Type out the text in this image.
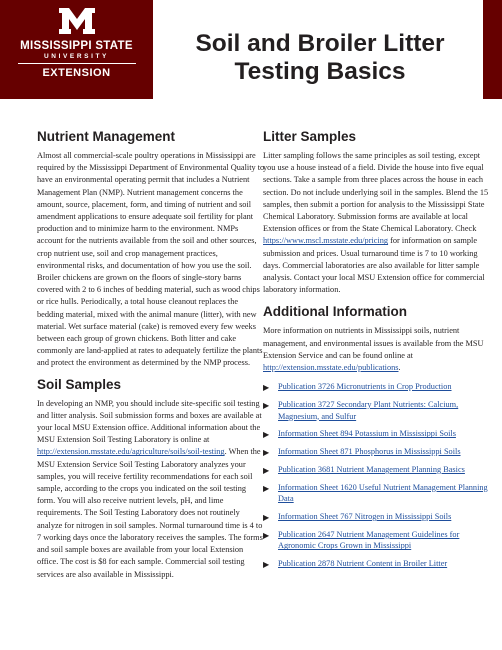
S
MISSISSIPPI STATE
UNIVERSITY
EXTENSION
Soil and Broiler Litter
Testing Basics
Nutrient Management

Almost all commercial-scale poultry operations in Mississippi are required by the Mississippi Department of Environmental Quality to have an environmental operating permit that includes a Nutrient Management Plan (NMP). Nutrient management concerns the amount, source, placement, form, and timing of nutrient and soil amendment applications to ensure adequate soil fertility for plant production and to minimize harm to the environment. NMPs account for the nutrients available from the soil and other sources, crop nutrient use, soil and crop management practices, environmental risks, and documentation of how you use the soil. Broiler chickens are grown on the floors of single-story barns covered with 2 to 6 inches of bedding material, such as wood chips or rice hulls. Periodically, a total house cleanout replaces the bedding material, mixed with the animal manure (litter), with new material. Wet surface material (cake) is removed every few weeks between each group of grown chickens. Both litter and cake commonly are land-applied at rates to adequately fertilize the plants and protect the environment as determined by the NMP process.

Soil Samples

In developing an NMP, you should include site-specific soil testing and litter analysis. Soil submission forms and boxes are available at your local MSU Extension office. Additional information about the MSU Extension Soil Testing Laboratory is online at http://extension.msstate.edu/agriculture/soils/soil-testing. When the MSU Extension Service Soil Testing Laboratory analyzes your samples, you will receive fertility recommendations for each soil sample, according to the crops you indicated on the soil testing form. You will also receive nutrient levels, pH, and lime requirements. The Soil Testing Laboratory does not routinely analyze for nitrogen in soil samples. Normal turnaround time is 4 to 7 working days once the laboratory receives the samples. The forms and soil sample boxes are available from your local Extension office. The cost is $8 for each sample. Commercial soil testing services are also available in Mississippi.

Litter Samples

Litter sampling follows the same principles as soil testing, except you use a house instead of a field. Divide the house into five equal sections. Take a sample from three places across the house in each section. Do not include underlying soil in the samples. Blend the 15 samples, then submit a portion for analysis to the Mississippi State Chemical Laboratory. Submission forms are available at local Extension offices or from the State Chemical Laboratory. Check https://www.mscl.msstate.edu/pricing for information on sample submission and prices. Usual turnaround time is 7 to 10 working days. Commercial laboratories are also available for litter sample analysis. Contact your local MSU Extension office for commercial laboratory information.

Additional Information

More information on nutrients in Mississippi soils, nutrient management, and environmental issues is available from the MSU Extension Service and can be found online at http://extension.msstate.edu/publications.

▶ Publication 3726 Micronutrients in Crop Production
▶ Publication 3727 Secondary Plant Nutrients: Calcium, Magnesium, and Sulfur
▶ Information Sheet 894 Potassium in Mississippi Soils
▶ Information Sheet 871 Phosphorus in Mississippi Soils
▶ Publication 3681 Nutrient Management Planning Basics
▶ Information Sheet 1620 Useful Nutrient Management Planning Data
▶ Information Sheet 767 Nitrogen in Mississippi Soils
▶ Publication 2647 Nutrient Management Guidelines for Agronomic Crops Grown in Mississippi
▶ Publication 2878 Nutrient Content in Broiler Litter
